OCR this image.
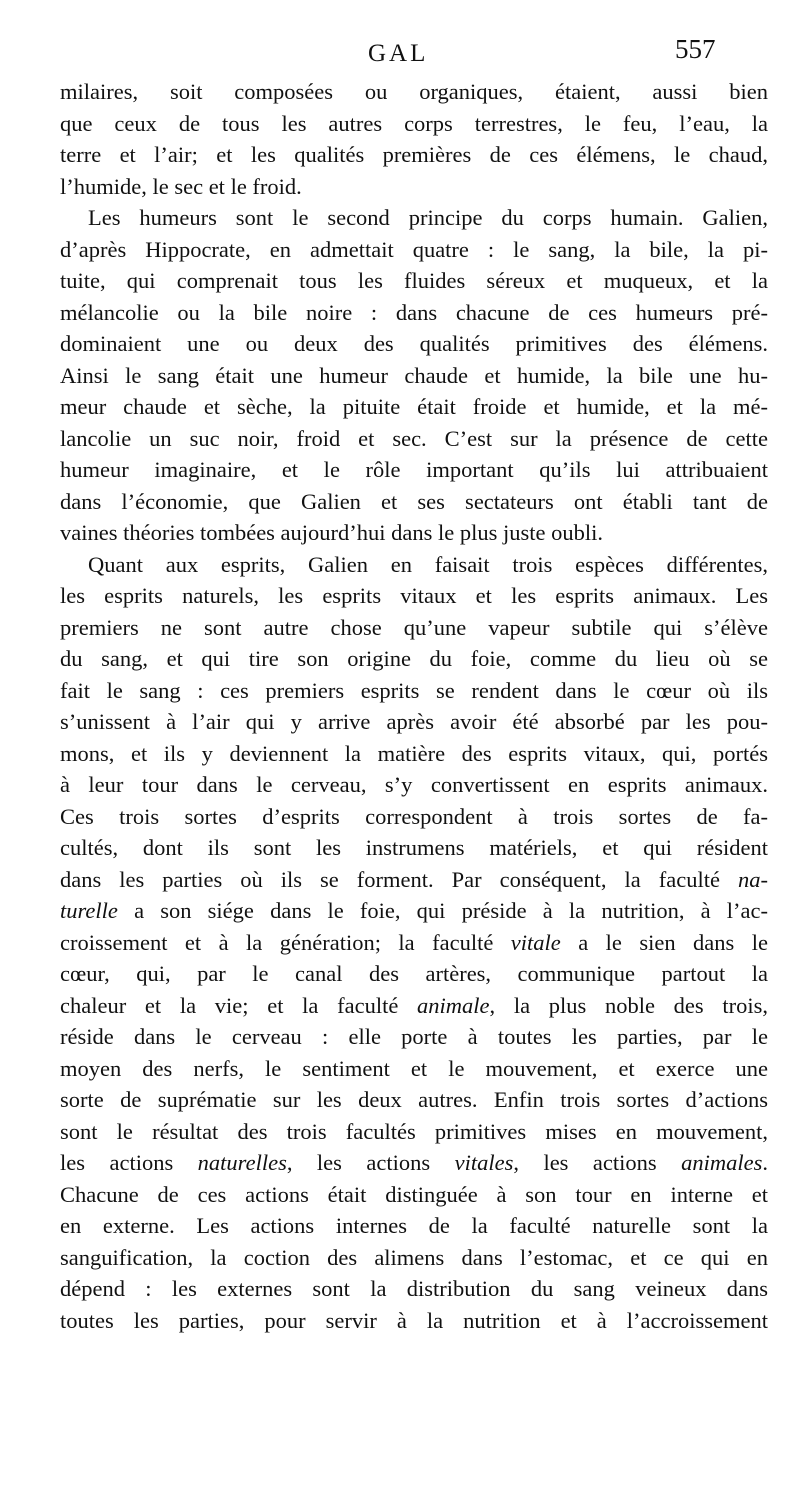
GAL	557
milaires, soit composées ou organiques, étaient, aussi bien
que ceux de tous les autres corps terrestres, le feu, l’eau, la
terre et l’air; et les qualités premières de ces élémens, le chaud,
l’humide, le sec et le froid.
Les humeurs sont le second principe du corps humain. Galien,
d’après Hippocrate, en admettait quatre : le sang, la bile, la pi-
tuite, qui comprenait tous les fluides séreux et muqueux, et la
mélancolie ou la bile noire : dans chacune de ces humeurs pré-
dominaient une ou deux des qualités primitives des élémens.
Ainsi le sang était une humeur chaude et humide, la bile une hu-
meur chaude et sèche, la pituite était froide et humide, et la mé-
lancolie un suc noir, froid et sec. C’est sur la présence de cette
humeur imaginaire, et le rôle important qu’ils lui attribuaient
dans l’économie, que Galien et ses sectateurs ont établi tant de
vaines théories tombées aujourd’hui dans le plus juste oubli.
Quant aux esprits, Galien en faisait trois espèces différentes,
les esprits naturels, les esprits vitaux et les esprits animaux. Les
premiers ne sont autre chose qu’une vapeur subtile qui s’élève
du sang, et qui tire son origine du foie, comme du lieu où se
fait le sang : ces premiers esprits se rendent dans le cœur où ils
s’unissent à l’air qui y arrive après avoir été absorbé par les pou-
mons, et ils y deviennent la matière des esprits vitaux, qui, portés
à leur tour dans le cerveau, s’y convertissent en esprits animaux.
Ces trois sortes d’esprits correspondent à trois sortes de fa-
cultés, dont ils sont les instrumens matériels, et qui résident
dans les parties où ils se forment. Par conséquent, la faculté na-
turelle a son siége dans le foie, qui préside à la nutrition, à l’ac-
croissement et à la génération; la faculté vitale a le sien dans le
cœur, qui, par le canal des artères, communique partout la
chaleur et la vie; et la faculté animale, la plus noble des trois,
réside dans le cerveau : elle porte à toutes les parties, par le
moyen des nerfs, le sentiment et le mouvement, et exerce une
sorte de suprématie sur les deux autres. Enfin trois sortes d’actions
sont le résultat des trois facultés primitives mises en mouvement,
les actions naturelles, les actions vitales, les actions animales.
Chacune de ces actions était distinguée à son tour en interne et
en externe. Les actions internes de la faculté naturelle sont la
sanguification, la coction des alimens dans l’estomac, et ce qui en
dépend : les externes sont la distribution du sang veineux dans
toutes les parties, pour servir à la nutrition et à l’accroissement
